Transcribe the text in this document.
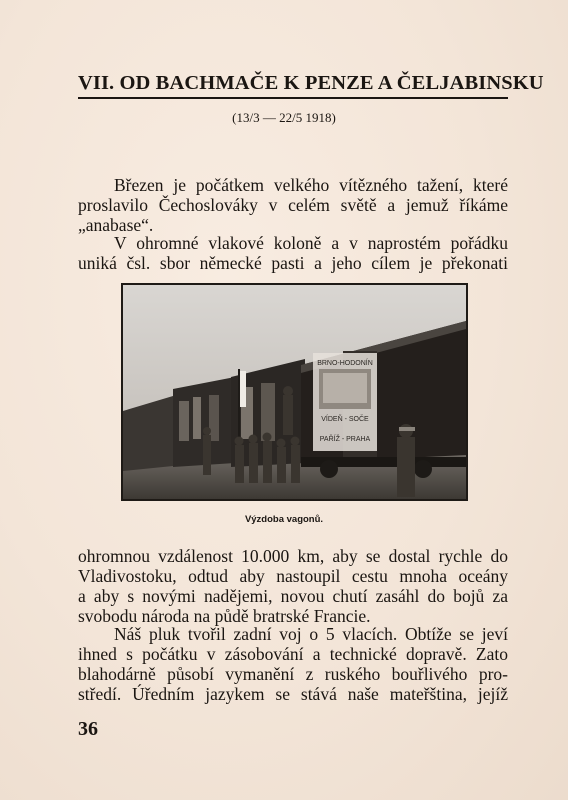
VII. OD BACHMAČE K PENZE A ČELJABINSKU
(13/3 — 22/5 1918)
Březen je počátkem velkého vítězného tažení, které
proslavilo Čechoslováky v celém světě a jemuž říkáme
„anabase“.
V ohromné vlakové koloně a v naprostém pořádku
uniká čsl. sbor německé pasti a jeho cílem je překonati
BRNO-HODONÍN
VÍDEŇ - SOČE
PAŘÍŽ - PRAHA
Výzdoba vagonů.
ohromnou vzdálenost 10.000 km, aby se dostal rychle do
Vladivostoku, odtud aby nastoupil cestu mnoha oceány
a aby s novými nadějemi, novou chutí zasáhl do bojů za
svobodu národa na půdě bratrské Francie.
Náš pluk tvořil zadní voj o 5 vlacích. Obtíže se jeví
ihned s počátku v zásobování a technické dopravě. Zato
blahodárně působí vymanění z ruského bouřlivého pro-
středí. Úředním jazykem se stává naše mateřština, jejíž
36
